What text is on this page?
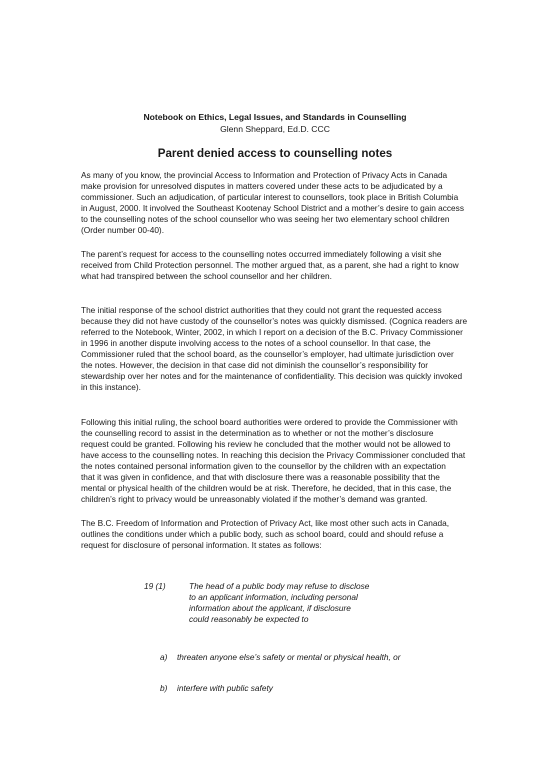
Notebook on Ethics, Legal Issues, and Standards in Counselling
Glenn Sheppard, Ed.D. CCC
Parent denied access to counselling notes
As many of you know, the provincial Access to Information and Protection of Privacy Acts in Canada
make provision for unresolved disputes in matters covered under these acts to be adjudicated by a
commissioner. Such an adjudication, of particular interest to counsellors, took place in British Columbia
in August, 2000. It involved the Southeast Kootenay School District and a mother’s desire to gain access
to the counselling notes of the school counsellor who was seeing her two elementary school children
(Order number 00-40).
The parent’s request for access to the counselling notes occurred immediately following a visit she
received from Child Protection personnel. The mother argued that, as a parent, she had a right to know
what had transpired between the school counsellor and her children.
The initial response of the school district authorities that they could not grant the requested access
because they did not have custody of the counsellor’s notes was quickly dismissed. (Cognica readers are
referred to the Notebook, Winter, 2002, in which I report on a decision of the B.C. Privacy Commissioner
in 1996 in another dispute involving access to the notes of a school counsellor. In that case, the
Commissioner ruled that the school board, as the counsellor’s employer, had ultimate jurisdiction over
the notes. However, the decision in that case did not diminish the counsellor’s responsibility for
stewardship over her notes and for the maintenance of confidentiality. This decision was quickly invoked
in this instance).
Following this initial ruling, the school board authorities were ordered to provide the Commissioner with
the counselling record to assist in the determination as to whether or not the mother’s disclosure
request could be granted. Following his review he concluded that the mother would not be allowed to
have access to the counselling notes. In reaching this decision the Privacy Commissioner concluded that
the notes contained personal information given to the counsellor by the children with an expectation
that it was given in confidence, and that with disclosure there was a reasonable possibility that the
mental or physical health of the children would be at risk. Therefore, he decided, that in this case, the
children’s right to privacy would be unreasonably violated if the mother’s demand was granted.
The B.C. Freedom of Information and Protection of Privacy Act, like most other such acts in Canada,
outlines the conditions under which a public body, such as school board, could and should refuse a
request for disclosure of personal information. It states as follows:
19 (1)	The head of a public body may refuse to disclose
to an applicant information, including personal
information about the applicant, if disclosure
could reasonably be expected to
a) threaten anyone else’s safety or mental or physical health, or
b) interfere with public safety
